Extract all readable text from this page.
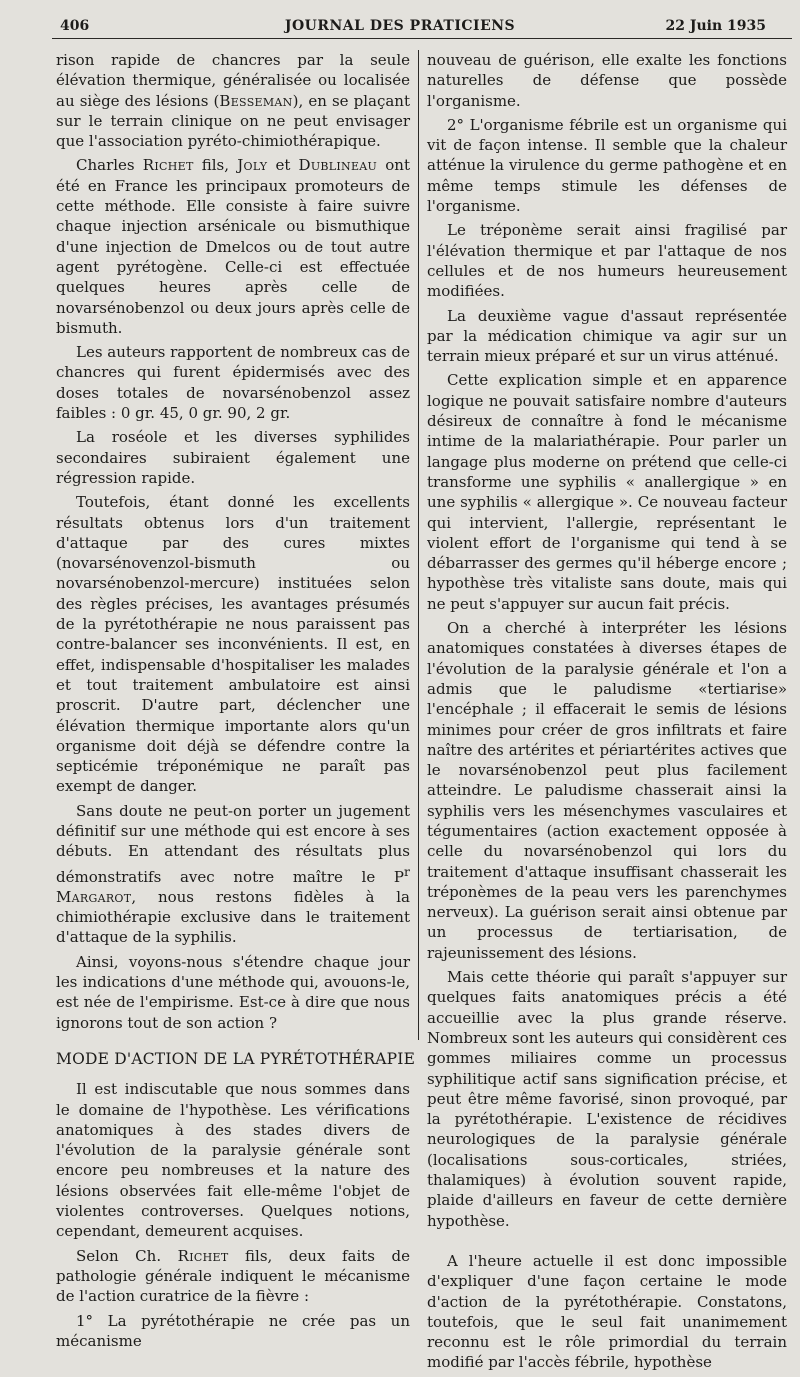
406	JOURNAL DES PRATICIENS	22 Juin 1935

rison rapide de chancres par la seule élévation thermique, généralisée ou localisée au siège des lésions (Besseman), en se plaçant sur le terrain clinique on ne peut envisager que l'association pyréto-chimiothérapique.

Charles Richet fils, Joly et Dublineau ont été en France les principaux promoteurs de cette méthode. Elle consiste à faire suivre chaque injection arsénicale ou bismuthique d'une injection de Dmelcos ou de tout autre agent pyrétogène. Celle-ci est effectuée quelques heures après celle de novarsénobenzol ou deux jours après celle de bismuth.

Les auteurs rapportent de nombreux cas de chancres qui furent épidermisés avec des doses totales de novarsénobenzol assez faibles : 0 gr. 45, 0 gr. 90, 2 gr.

La roséole et les diverses syphilides secondaires subiraient également une régression rapide.

Toutefois, étant donné les excellents résultats obtenus lors d'un traitement d'attaque par des cures mixtes (novarsénovenzol-bismuth ou novarsénobenzol-mercure) instituées selon des règles précises, les avantages présumés de la pyrétothérapie ne nous paraissent pas contre-balancer ses inconvénients. Il est, en effet, indispensable d'hospitaliser les malades et tout traitement ambulatoire est ainsi proscrit. D'autre part, déclencher une élévation thermique importante alors qu'un organisme doit déjà se défendre contre la septicémie tréponémique ne paraît pas exempt de danger.

Sans doute ne peut-on porter un jugement définitif sur une méthode qui est encore à ses débuts. En attendant des résultats plus démonstratifs avec notre maître le $P^r$ Margarot, nous restons fidèles à la chimiothérapie exclusive dans le traitement d'attaque de la syphilis.

Ainsi, voyons-nous s'étendre chaque jour les indications d'une méthode qui, avouons-le, est née de l'empirisme. Est-ce à dire que nous ignorons tout de son action ?

MODE D'ACTION DE LA PYRÉTOTHÉRAPIE

Il est indiscutable que nous sommes dans le domaine de l'hypothèse. Les vérifications anatomiques à des stades divers de l'évolution de la paralysie générale sont encore peu nombreuses et la nature des lésions observées fait elle-même l'objet de violentes controverses. Quelques notions, cependant, demeurent acquises.

Selon Ch. Richet fils, deux faits de pathologie générale indiquent le mécanisme de l'action curatrice de la fièvre :

1° La pyrétothérapie ne crée pas un mécanisme

nouveau de guérison, elle exalte les fonctions naturelles de défense que possède l'organisme.

2° L'organisme fébrile est un organisme qui vit de façon intense. Il semble que la chaleur atténue la virulence du germe pathogène et en même temps stimule les défenses de l'organisme.

Le tréponème serait ainsi fragilisé par l'élévation thermique et par l'attaque de nos cellules et de nos humeurs heureusement modifiées.

La deuxième vague d'assaut représentée par la médication chimique va agir sur un terrain mieux préparé et sur un virus atténué.

Cette explication simple et en apparence logique ne pouvait satisfaire nombre d'auteurs désireux de connaître à fond le mécanisme intime de la malariathérapie. Pour parler un langage plus moderne on prétend que celle-ci transforme une syphilis « anallergique » en une syphilis « allergique ». Ce nouveau facteur qui intervient, l'allergie, représentant le violent effort de l'organisme qui tend à se débarrasser des germes qu'il héberge encore ; hypothèse très vitaliste sans doute, mais qui ne peut s'appuyer sur aucun fait précis.

On a cherché à interpréter les lésions anatomiques constatées à diverses étapes de l'évolution de la paralysie générale et l'on a admis que le paludisme «tertiarise» l'encéphale ; il effacerait le semis de lésions minimes pour créer de gros infiltrats et faire naître des artérites et périartérites actives que le novarsénobenzol peut plus facilement atteindre. Le paludisme chasserait ainsi la syphilis vers les mésenchymes vasculaires et tégumentaires (action exactement opposée à celle du novarsénobenzol qui lors du traitement d'attaque insuffisant chasserait les tréponèmes de la peau vers les parenchymes nerveux). La guérison serait ainsi obtenue par un processus de tertiarisation, de rajeunissement des lésions.

Mais cette théorie qui paraît s'appuyer sur quelques faits anatomiques précis a été accueillie avec la plus grande réserve. Nombreux sont les auteurs qui considèrent ces gommes miliaires comme un processus syphilitique actif sans signification précise, et peut être même favorisé, sinon provoqué, par la pyrétothérapie. L'existence de récidives neurologiques de la paralysie générale (localisations sous-corticales, striées, thalamiques) à évolution souvent rapide, plaide d'ailleurs en faveur de cette dernière hypothèse.

A l'heure actuelle il est donc impossible d'expliquer d'une façon certaine le mode d'action de la pyrétothérapie. Constatons, toutefois, que le seul fait unanimement reconnu est le rôle primordial du terrain modifié par l'accès fébrile, hypothèse
